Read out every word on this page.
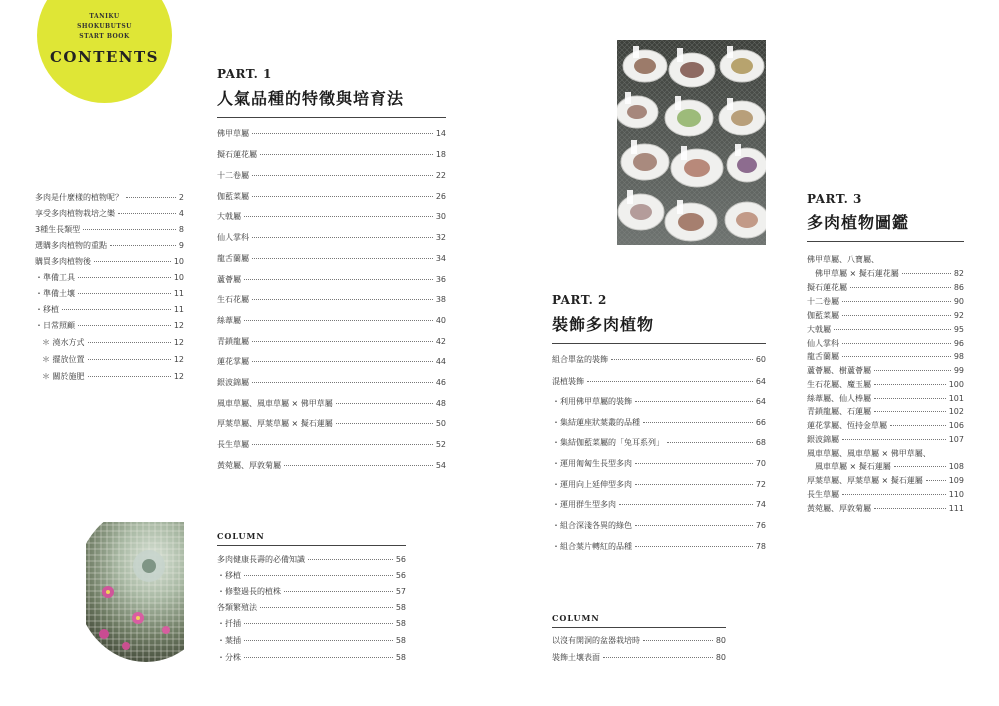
TANIKU
SHOKUBUTSU
START BOOK
CONTENTS
多肉是什麼樣的植物呢？	2
享受多肉植物栽培之樂	4
3種生長類型	8
選購多肉植物的重點	9
購買多肉植物後	10
・準備工具	10
・準備土壤	11
・移植	11
・日常照顧	12
＊ 澆水方式	12
＊ 擺放位置	12
＊ 關於施肥	12
PART. 1
人氣品種的特徵與培育法
佛甲草屬	14
擬石蓮花屬	18
十二卷屬	22
伽藍菜屬	26
大戟屬	30
仙人掌科	32
龍舌蘭屬	34
蘆薈屬	36
生石花屬	38
絲葦屬	40
青鎖龍屬	42
蓮花掌屬	44
銀波錦屬	46
風車草屬、風車草屬 × 佛甲草屬	48
厚葉草屬、厚葉草屬 × 擬石蓮屬	50
長生草屬	52
黃菀屬、厚敦菊屬	54
COLUMN
多肉健康長壽的必備知識	56
・移植	56
・修整過長的植株	57
各類繁殖法	58
・扦插	58
・葉插	58
・分株	58
PART. 2
裝飾多肉植物
組合單盆的裝飾	60
混植裝飾	64
・利用佛甲草屬的裝飾	64
・集結蓮座狀葉叢的品種	66
・集結伽藍菜屬的「兔耳系列」	68
・運用匍匐生長型多肉	70
・運用向上延伸型多肉	72
・運用群生型多肉	74
・組合深淺各異的綠色	76
・組合葉片轉紅的品種	78
COLUMN
以沒有開洞的盆器栽培時	80
裝飾土壤表面	80
PART. 3
多肉植物圖鑑
佛甲草屬、八寶屬、
佛甲草屬 × 擬石蓮花屬	82
擬石蓮花屬	86
十二卷屬	90
伽藍菜屬	92
大戟屬	95
仙人掌科	96
龍舌蘭屬	98
蘆薈屬、樹蘆薈屬	99
生石花屬、魔玉屬	100
絲葦屬、仙人棒屬	101
青鎖龍屬、石蓮屬	102
蓮花掌屬、恆持金草屬	106
銀波錦屬	107
風車草屬、風車草屬 × 佛甲草屬、
風車草屬 × 擬石蓮屬	108
厚葉草屬、厚葉草屬 × 擬石蓮屬	109
長生草屬	110
黃菀屬、厚敦菊屬	111
